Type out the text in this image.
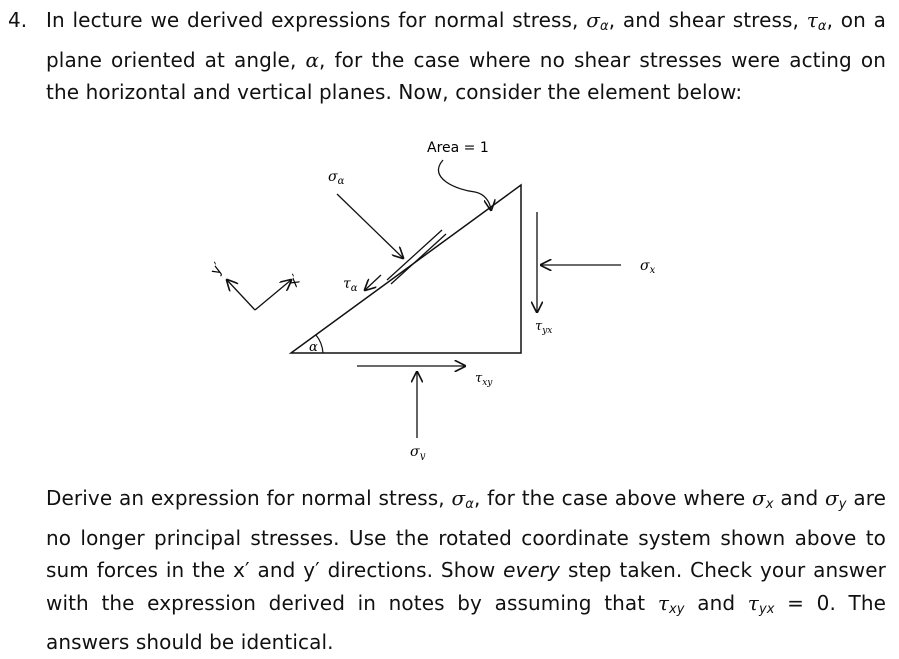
4. In lecture we derived expressions for normal stress, $\sigma_\alpha$, and shear stress, $\tau_\alpha$, on a plane oriented at angle, α, for the case where no shear stresses were acting on the horizontal and vertical planes. Now, consider the element below:

α
Area = 1
$\sigma_\alpha$
$\tau_\alpha$
$\sigma_x$
$\tau_{yx}$
$\tau_{xy}$
$\sigma_y$
x′
y′

Derive an expression for normal stress, $\sigma_\alpha$, for the case above where $\sigma_x$ and $\sigma_y$ are no longer principal stresses. Use the rotated coordinate system shown above to sum forces in the x′ and y′ directions. Show every step taken. Check your answer with the expression derived in notes by assuming that $\tau_{xy}$ and $\tau_{yx} = 0$. The answers should be identical.
